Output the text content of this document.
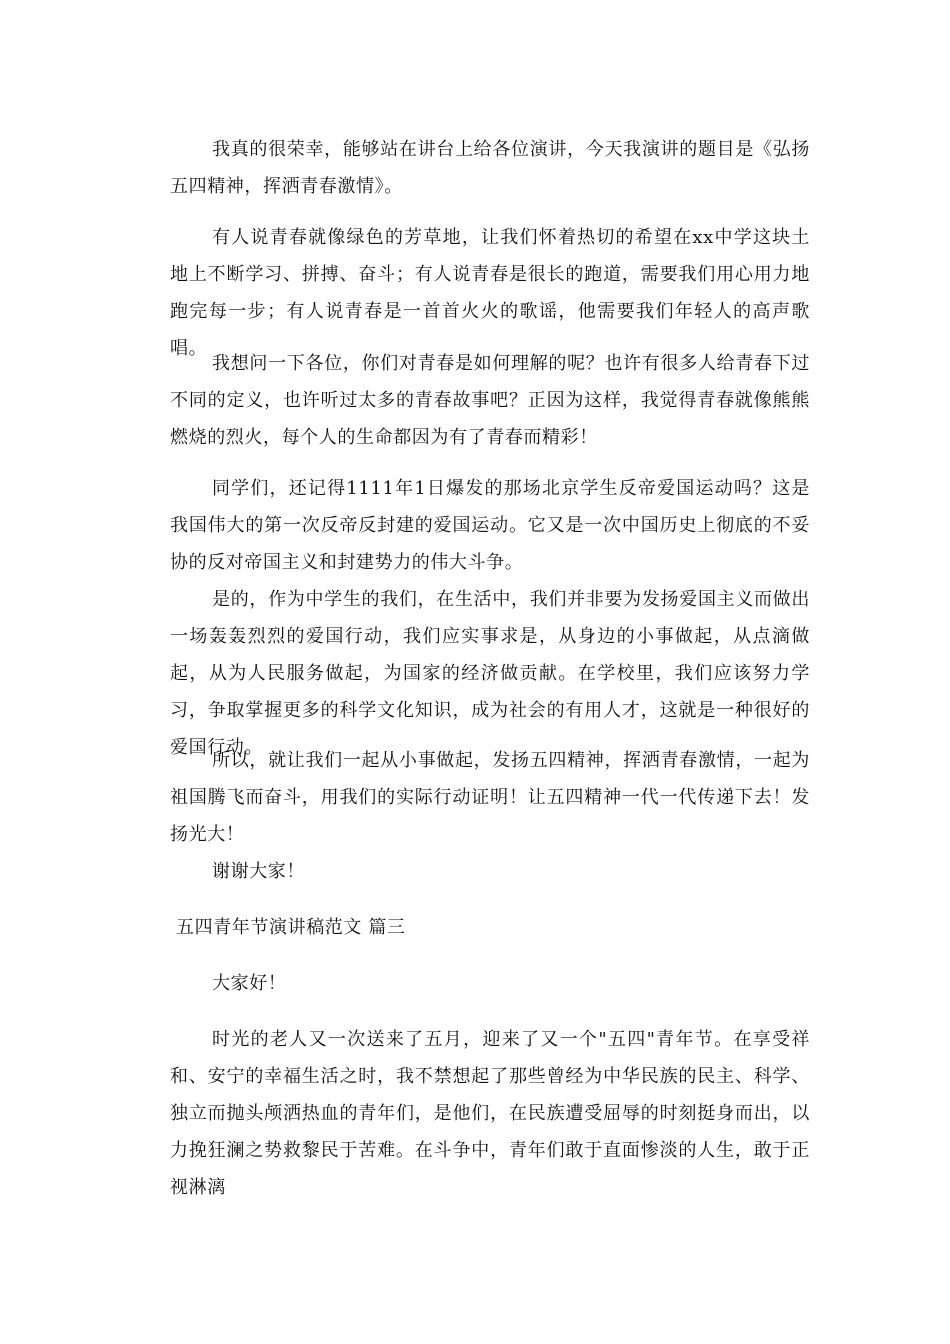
我真的很荣幸，能够站在讲台上给各位演讲，今天我演讲的题目是《弘扬五四精神，挥洒青春激情》。

有人说青春就像绿色的芳草地，让我们怀着热切的希望在xx中学这块土地上不断学习、拼搏、奋斗；有人说青春是很长的跑道，需要我们用心用力地跑完每一步；有人说青春是一首首火火的歌谣，他需要我们年轻人的高声歌唱。

我想问一下各位，你们对青春是如何理解的呢？也许有很多人给青春下过不同的定义，也许听过太多的青春故事吧？正因为这样，我觉得青春就像熊熊燃烧的烈火，每个人的生命都因为有了青春而精彩！

同学们，还记得1111年1日爆发的那场北京学生反帝爱国运动吗？这是我国伟大的第一次反帝反封建的爱国运动。它又是一次中国历史上彻底的不妥协的反对帝国主义和封建势力的伟大斗争。

是的，作为中学生的我们，在生活中，我们并非要为发扬爱国主义而做出一场轰轰烈烈的爱国行动，我们应实事求是，从身边的小事做起，从点滴做起，从为人民服务做起，为国家的经济做贡献。在学校里，我们应该努力学习，争取掌握更多的科学文化知识，成为社会的有用人才，这就是一种很好的爱国行动。

所以，就让我们一起从小事做起，发扬五四精神，挥洒青春激情，一起为祖国腾飞而奋斗，用我们的实际行动证明！让五四精神一代一代传递下去！发扬光大！

谢谢大家！

五四青年节演讲稿范文 篇三

大家好！

时光的老人又一次送来了五月，迎来了又一个"五四"青年节。在享受祥和、安宁的幸福生活之时，我不禁想起了那些曾经为中华民族的民主、科学、独立而抛头颅洒热血的青年们，是他们，在民族遭受屈辱的时刻挺身而出，以力挽狂澜之势救黎民于苦难。在斗争中，青年们敢于直面惨淡的人生，敢于正视淋漓
